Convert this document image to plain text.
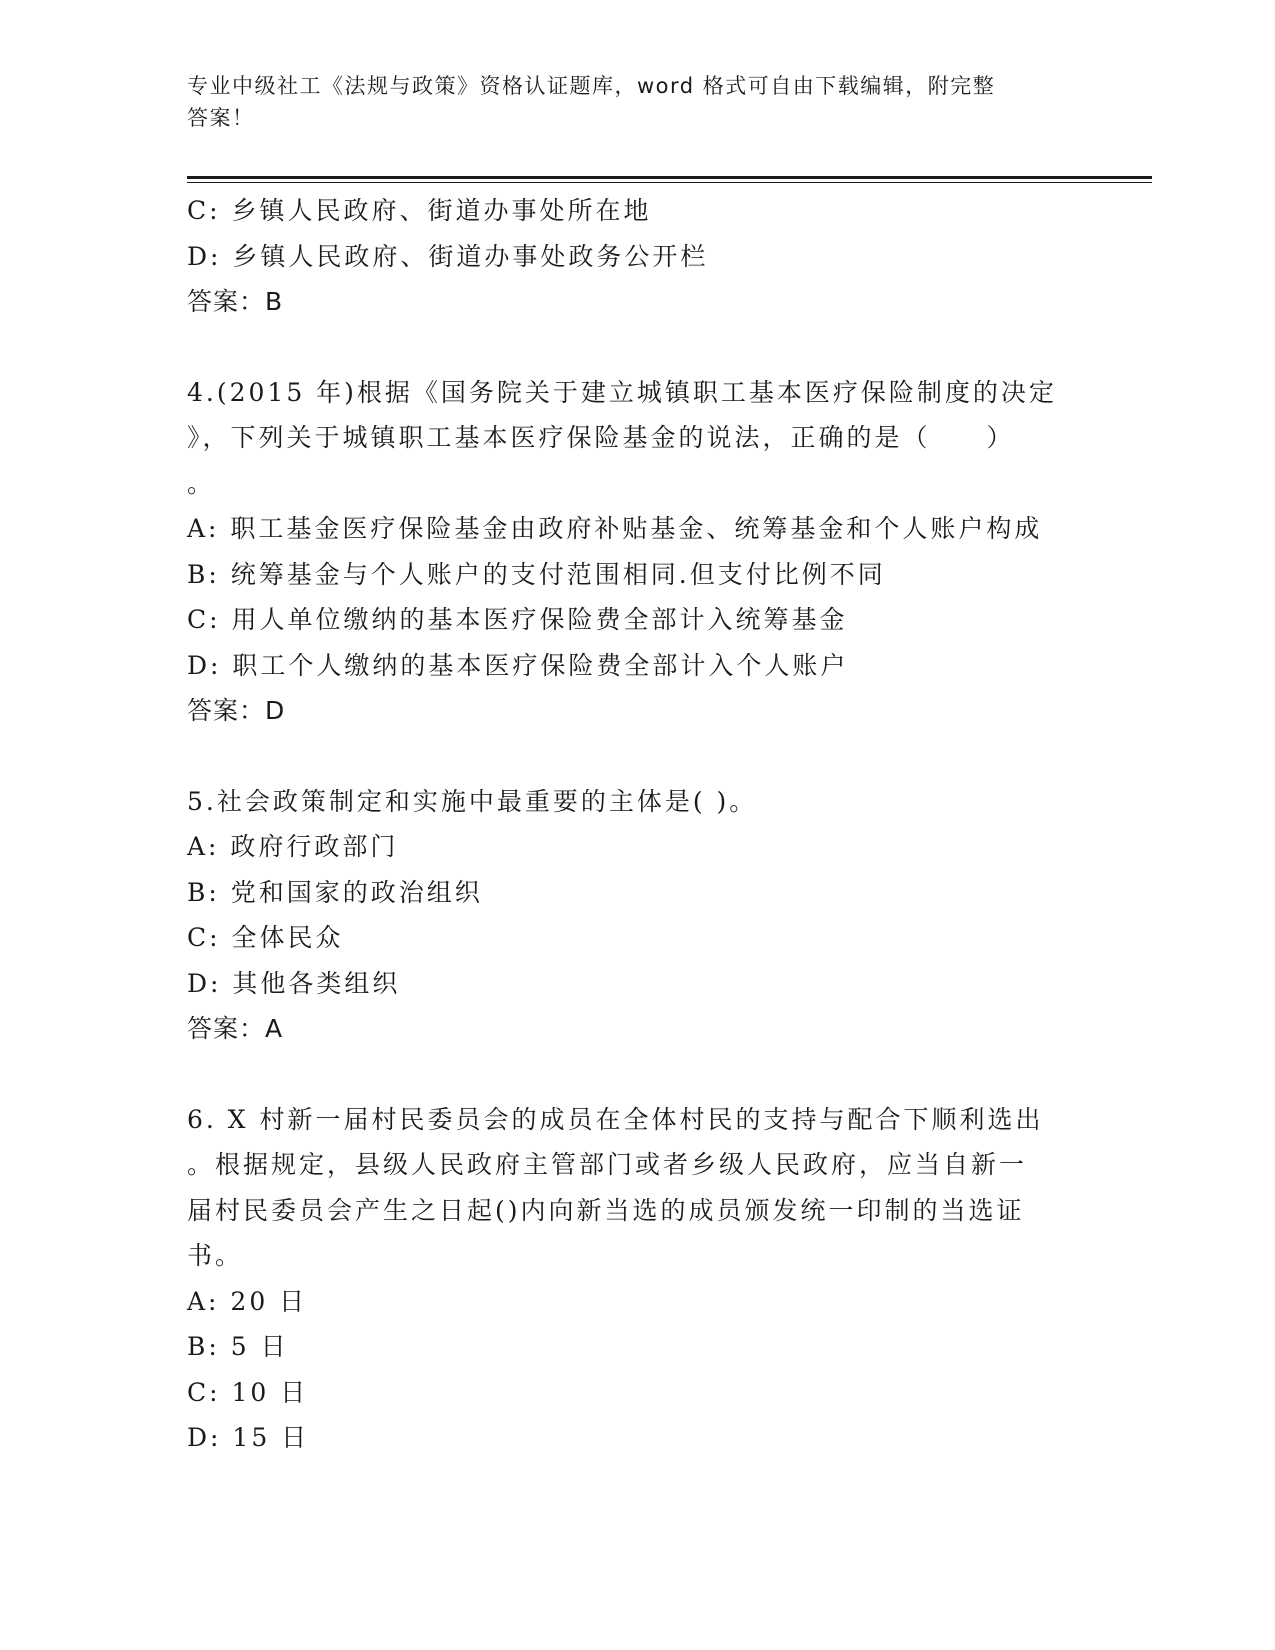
专业中级社工《法规与政策》资格认证题库，word 格式可自由下载编辑，附完整
答案！
C: 乡镇人民政府、街道办事处所在地
D: 乡镇人民政府、街道办事处政务公开栏
答案：B
4.(2015 年)根据《国务院关于建立城镇职工基本医疗保险制度的决定
》，下列关于城镇职工基本医疗保险基金的说法，正确的是（　　）
。
A: 职工基金医疗保险基金由政府补贴基金、统筹基金和个人账户构成
B: 统筹基金与个人账户的支付范围相同.但支付比例不同
C: 用人单位缴纳的基本医疗保险费全部计入统筹基金
D: 职工个人缴纳的基本医疗保险费全部计入个人账户
答案：D
5.社会政策制定和实施中最重要的主体是( )。
A: 政府行政部门
B: 党和国家的政治组织
C: 全体民众
D: 其他各类组织
答案：A
6. X 村新一届村民委员会的成员在全体村民的支持与配合下顺利选出
。根据规定，县级人民政府主管部门或者乡级人民政府，应当自新一
届村民委员会产生之日起()内向新当选的成员颁发统一印制的当选证
书。
A: 20 日
B: 5 日
C: 10 日
D: 15 日
